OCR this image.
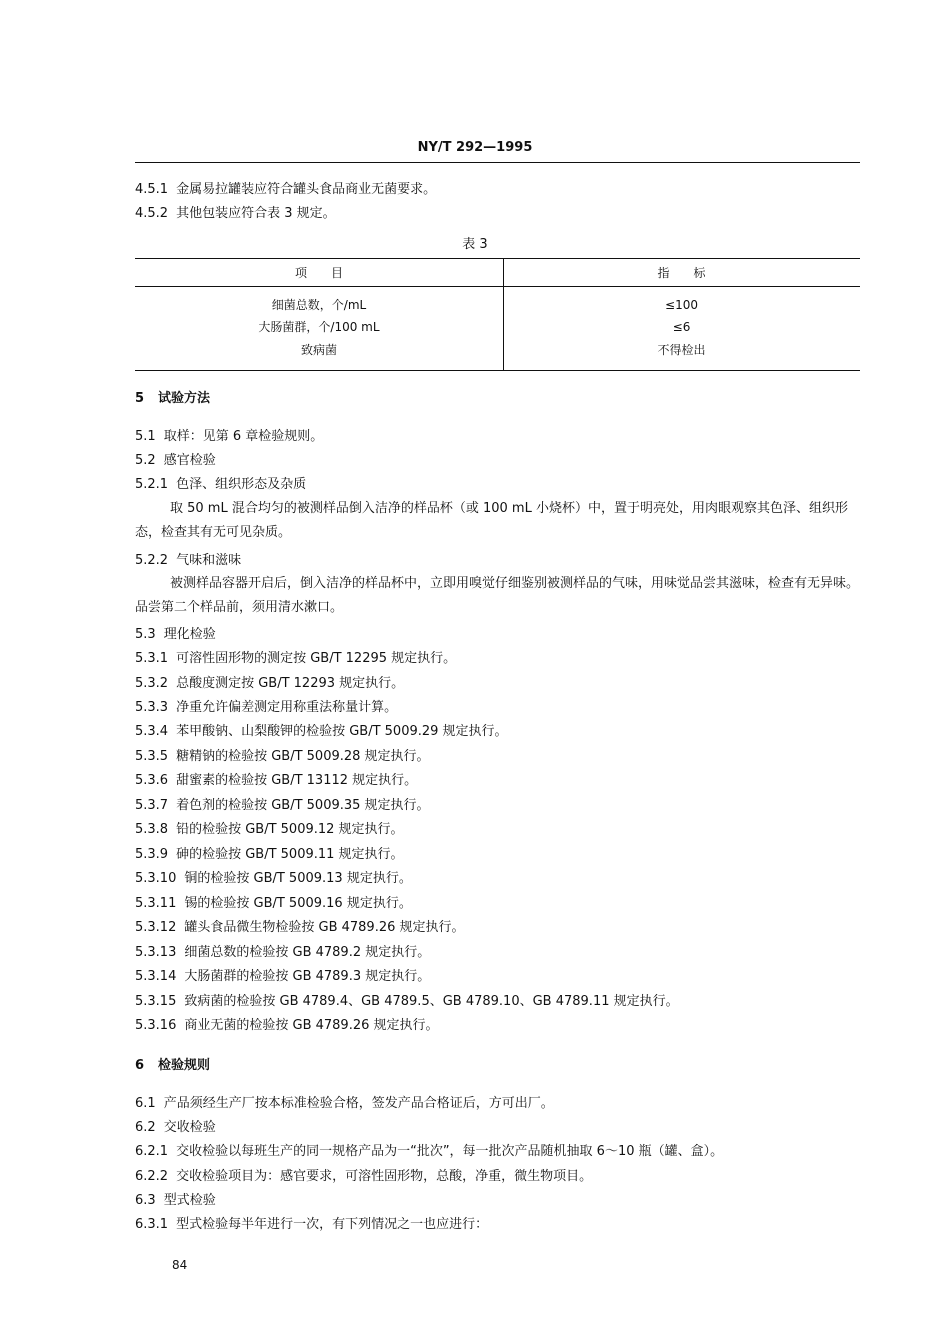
NY/T 292—1995
4.5.1 金属易拉罐装应符合罐头食品商业无菌要求。
4.5.2 其他包装应符合表 3 规定。
表 3
项　　目	指　　标
细菌总数，个/mL	≤100
大肠菌群，个/100 mL	≤6
致病菌	不得检出
5 试验方法
5.1 取样：见第 6 章检验规则。
5.2 感官检验
5.2.1 色泽、组织形态及杂质
取 50 mL 混合均匀的被测样品倒入洁净的样品杯（或 100 mL 小烧杯）中，置于明亮处，用肉眼观察其色泽、组织形态，检查其有无可见杂质。
5.2.2 气味和滋味
被测样品容器开启后，倒入洁净的样品杯中，立即用嗅觉仔细鉴别被测样品的气味，用味觉品尝其滋味，检查有无异味。品尝第二个样品前，须用清水漱口。
5.3 理化检验
5.3.1 可溶性固形物的测定按 GB/T 12295 规定执行。
5.3.2 总酸度测定按 GB/T 12293 规定执行。
5.3.3 净重允许偏差测定用称重法称量计算。
5.3.4 苯甲酸钠、山梨酸钾的检验按 GB/T 5009.29 规定执行。
5.3.5 糖精钠的检验按 GB/T 5009.28 规定执行。
5.3.6 甜蜜素的检验按 GB/T 13112 规定执行。
5.3.7 着色剂的检验按 GB/T 5009.35 规定执行。
5.3.8 铅的检验按 GB/T 5009.12 规定执行。
5.3.9 砷的检验按 GB/T 5009.11 规定执行。
5.3.10 铜的检验按 GB/T 5009.13 规定执行。
5.3.11 锡的检验按 GB/T 5009.16 规定执行。
5.3.12 罐头食品微生物检验按 GB 4789.26 规定执行。
5.3.13 细菌总数的检验按 GB 4789.2 规定执行。
5.3.14 大肠菌群的检验按 GB 4789.3 规定执行。
5.3.15 致病菌的检验按 GB 4789.4、GB 4789.5、GB 4789.10、GB 4789.11 规定执行。
5.3.16 商业无菌的检验按 GB 4789.26 规定执行。
6 检验规则
6.1 产品须经生产厂按本标准检验合格，签发产品合格证后，方可出厂。
6.2 交收检验
6.2.1 交收检验以每班生产的同一规格产品为一“批次”，每一批次产品随机抽取 6～10 瓶（罐、盒）。
6.2.2 交收检验项目为：感官要求，可溶性固形物，总酸，净重，微生物项目。
6.3 型式检验
6.3.1 型式检验每半年进行一次，有下列情况之一也应进行：
84
